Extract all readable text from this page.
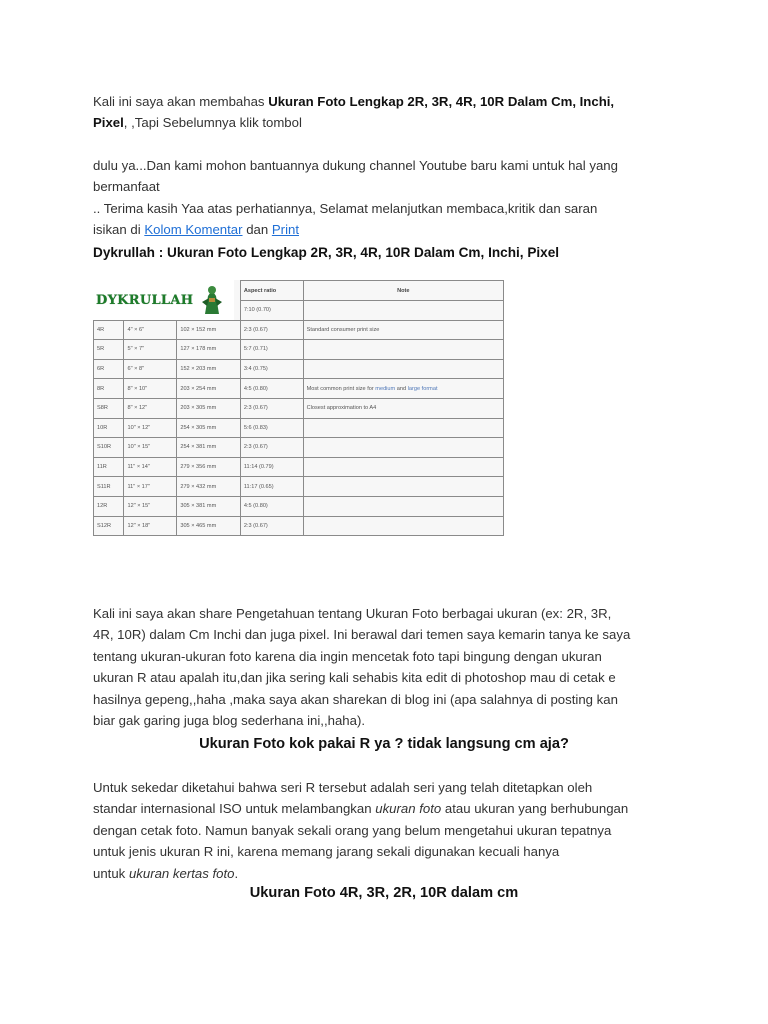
Kali ini saya akan membahas Ukuran Foto Lengkap 2R, 3R, 4R, 10R Dalam Cm, Inchi,
Pixel, ,Tapi Sebelumnya klik tombol
dulu ya...Dan kami mohon bantuannya dukung channel Youtube baru kami untuk hal yang
bermanfaat
.. Terima kasih Yaa atas perhatiannya, Selamat melanjutkan membaca,kritik dan saran
isikan di Kolom Komentar dan Print
Dykrullah : Ukuran Foto Lengkap 2R, 3R, 4R, 10R Dalam Cm, Inchi, Pixel
			Aspect ratio	Note
			7:10 (0.70)	
4R	4" × 6"	102 × 152 mm	2:3 (0.67)	Standard consumer print size
5R	5" × 7"	127 × 178 mm	5:7 (0.71)	
6R	6" × 8"	152 × 203 mm	3:4 (0.75)	
8R	8" × 10"	203 × 254 mm	4:5 (0.80)	Most common print size for medium and large format
S8R	8" × 12"	203 × 305 mm	2:3 (0.67)	Closest approximation to A4
10R	10" × 12"	254 × 305 mm	5:6 (0.83)	
S10R	10" × 15"	254 × 381 mm	2:3 (0.67)	
11R	11" × 14"	279 × 356 mm	11:14 (0.79)	
S11R	11" × 17"	279 × 432 mm	11:17 (0.65)	
12R	12" × 15"	305 × 381 mm	4:5 (0.80)	
S12R	12" × 18"	305 × 465 mm	2:3 (0.67)	
DYKRULLAH
Kali ini saya akan share Pengetahuan tentang Ukuran Foto berbagai ukuran (ex: 2R, 3R,
4R, 10R) dalam Cm Inchi dan juga pixel. Ini berawal dari temen saya kemarin tanya ke saya
tentang ukuran-ukuran foto karena dia ingin mencetak foto tapi bingung dengan ukuran
ukuran R atau apalah itu,dan jika sering kali sehabis kita edit di photoshop mau di cetak e
hasilnya gepeng,,haha ,maka saya akan sharekan di blog ini (apa salahnya di posting kan
biar gak garing juga blog sederhana ini,,haha).
Ukuran Foto kok pakai R ya ? tidak langsung cm aja?
Untuk sekedar diketahui bahwa seri R tersebut adalah seri yang telah ditetapkan oleh
standar internasional ISO untuk melambangkan ukuran foto atau ukuran yang berhubungan
dengan cetak foto. Namun banyak sekali orang yang belum mengetahui ukuran tepatnya
untuk jenis ukuran R ini, karena memang jarang sekali digunakan kecuali hanya
untuk ukuran kertas foto.
Ukuran Foto 4R, 3R, 2R, 10R dalam cm
